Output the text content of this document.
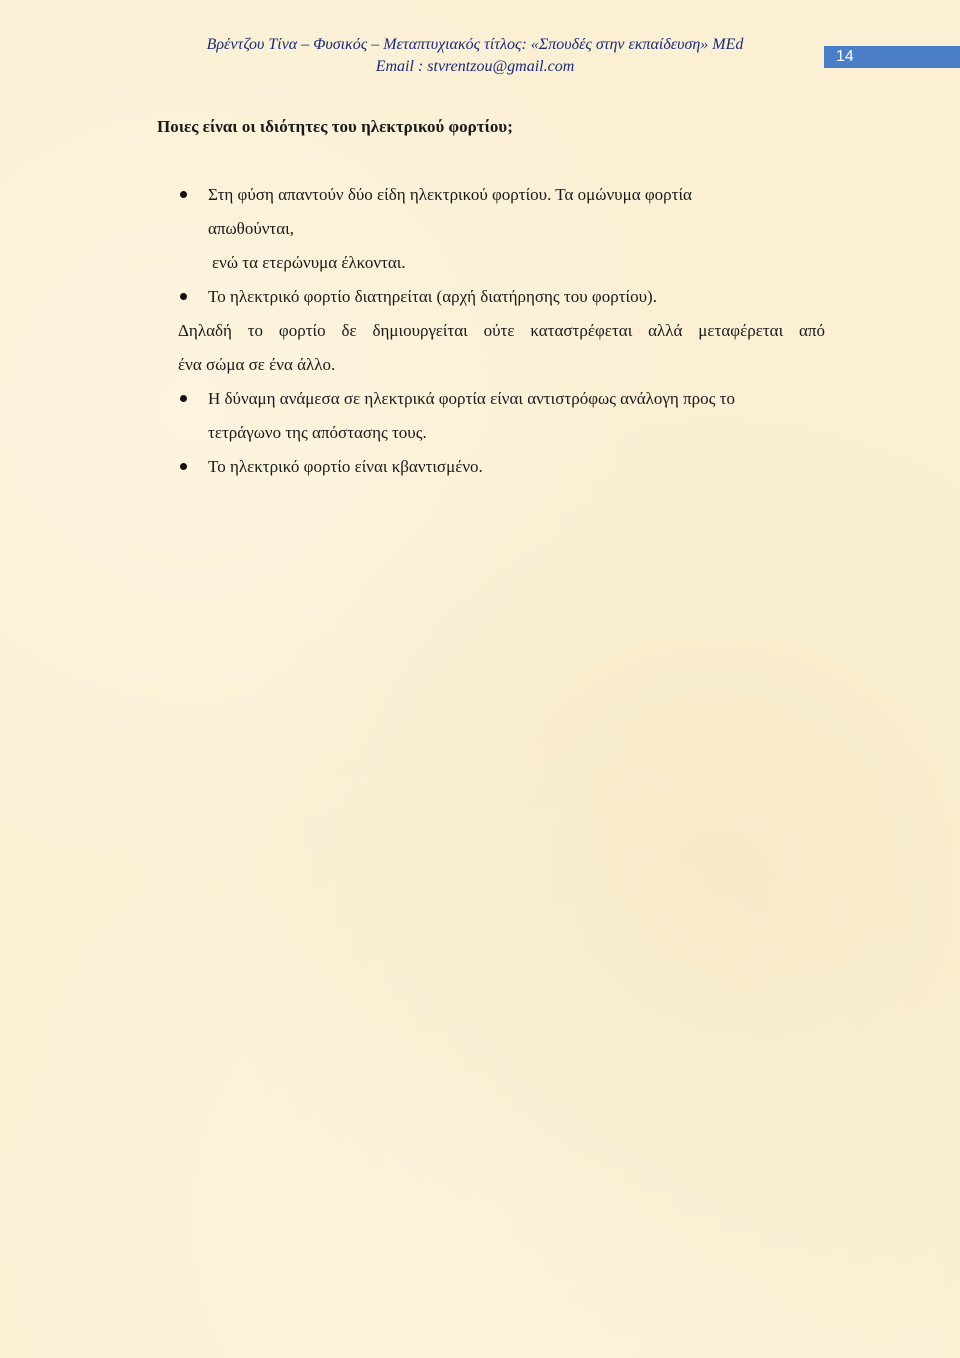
Βρέντζου Τίνα – Φυσικός – Μεταπτυχιακός τίτλος: «Σπουδές στην εκπαίδευση» MEd
Email : stvrentzou@gmail.com
14
Ποιες είναι οι ιδιότητες του ηλεκτρικού φορτίου;
Στη φύση απαντούν δύο είδη ηλεκτρικού φορτίου. Τα ομώνυμα φορτία
απωθούνται,
ενώ τα ετερώνυμα έλκονται.
Το ηλεκτρικό φορτίο διατηρείται (αρχή διατήρησης του φορτίου).
Δηλαδή το φορτίο δε δημιουργείται ούτε καταστρέφεται αλλά μεταφέρεται από
ένα σώμα σε ένα άλλο.
Η δύναμη ανάμεσα σε ηλεκτρικά φορτία είναι αντιστρόφως ανάλογη προς το
τετράγωνο της απόστασης τους.
Το ηλεκτρικό φορτίο είναι κβαντισμένο.
